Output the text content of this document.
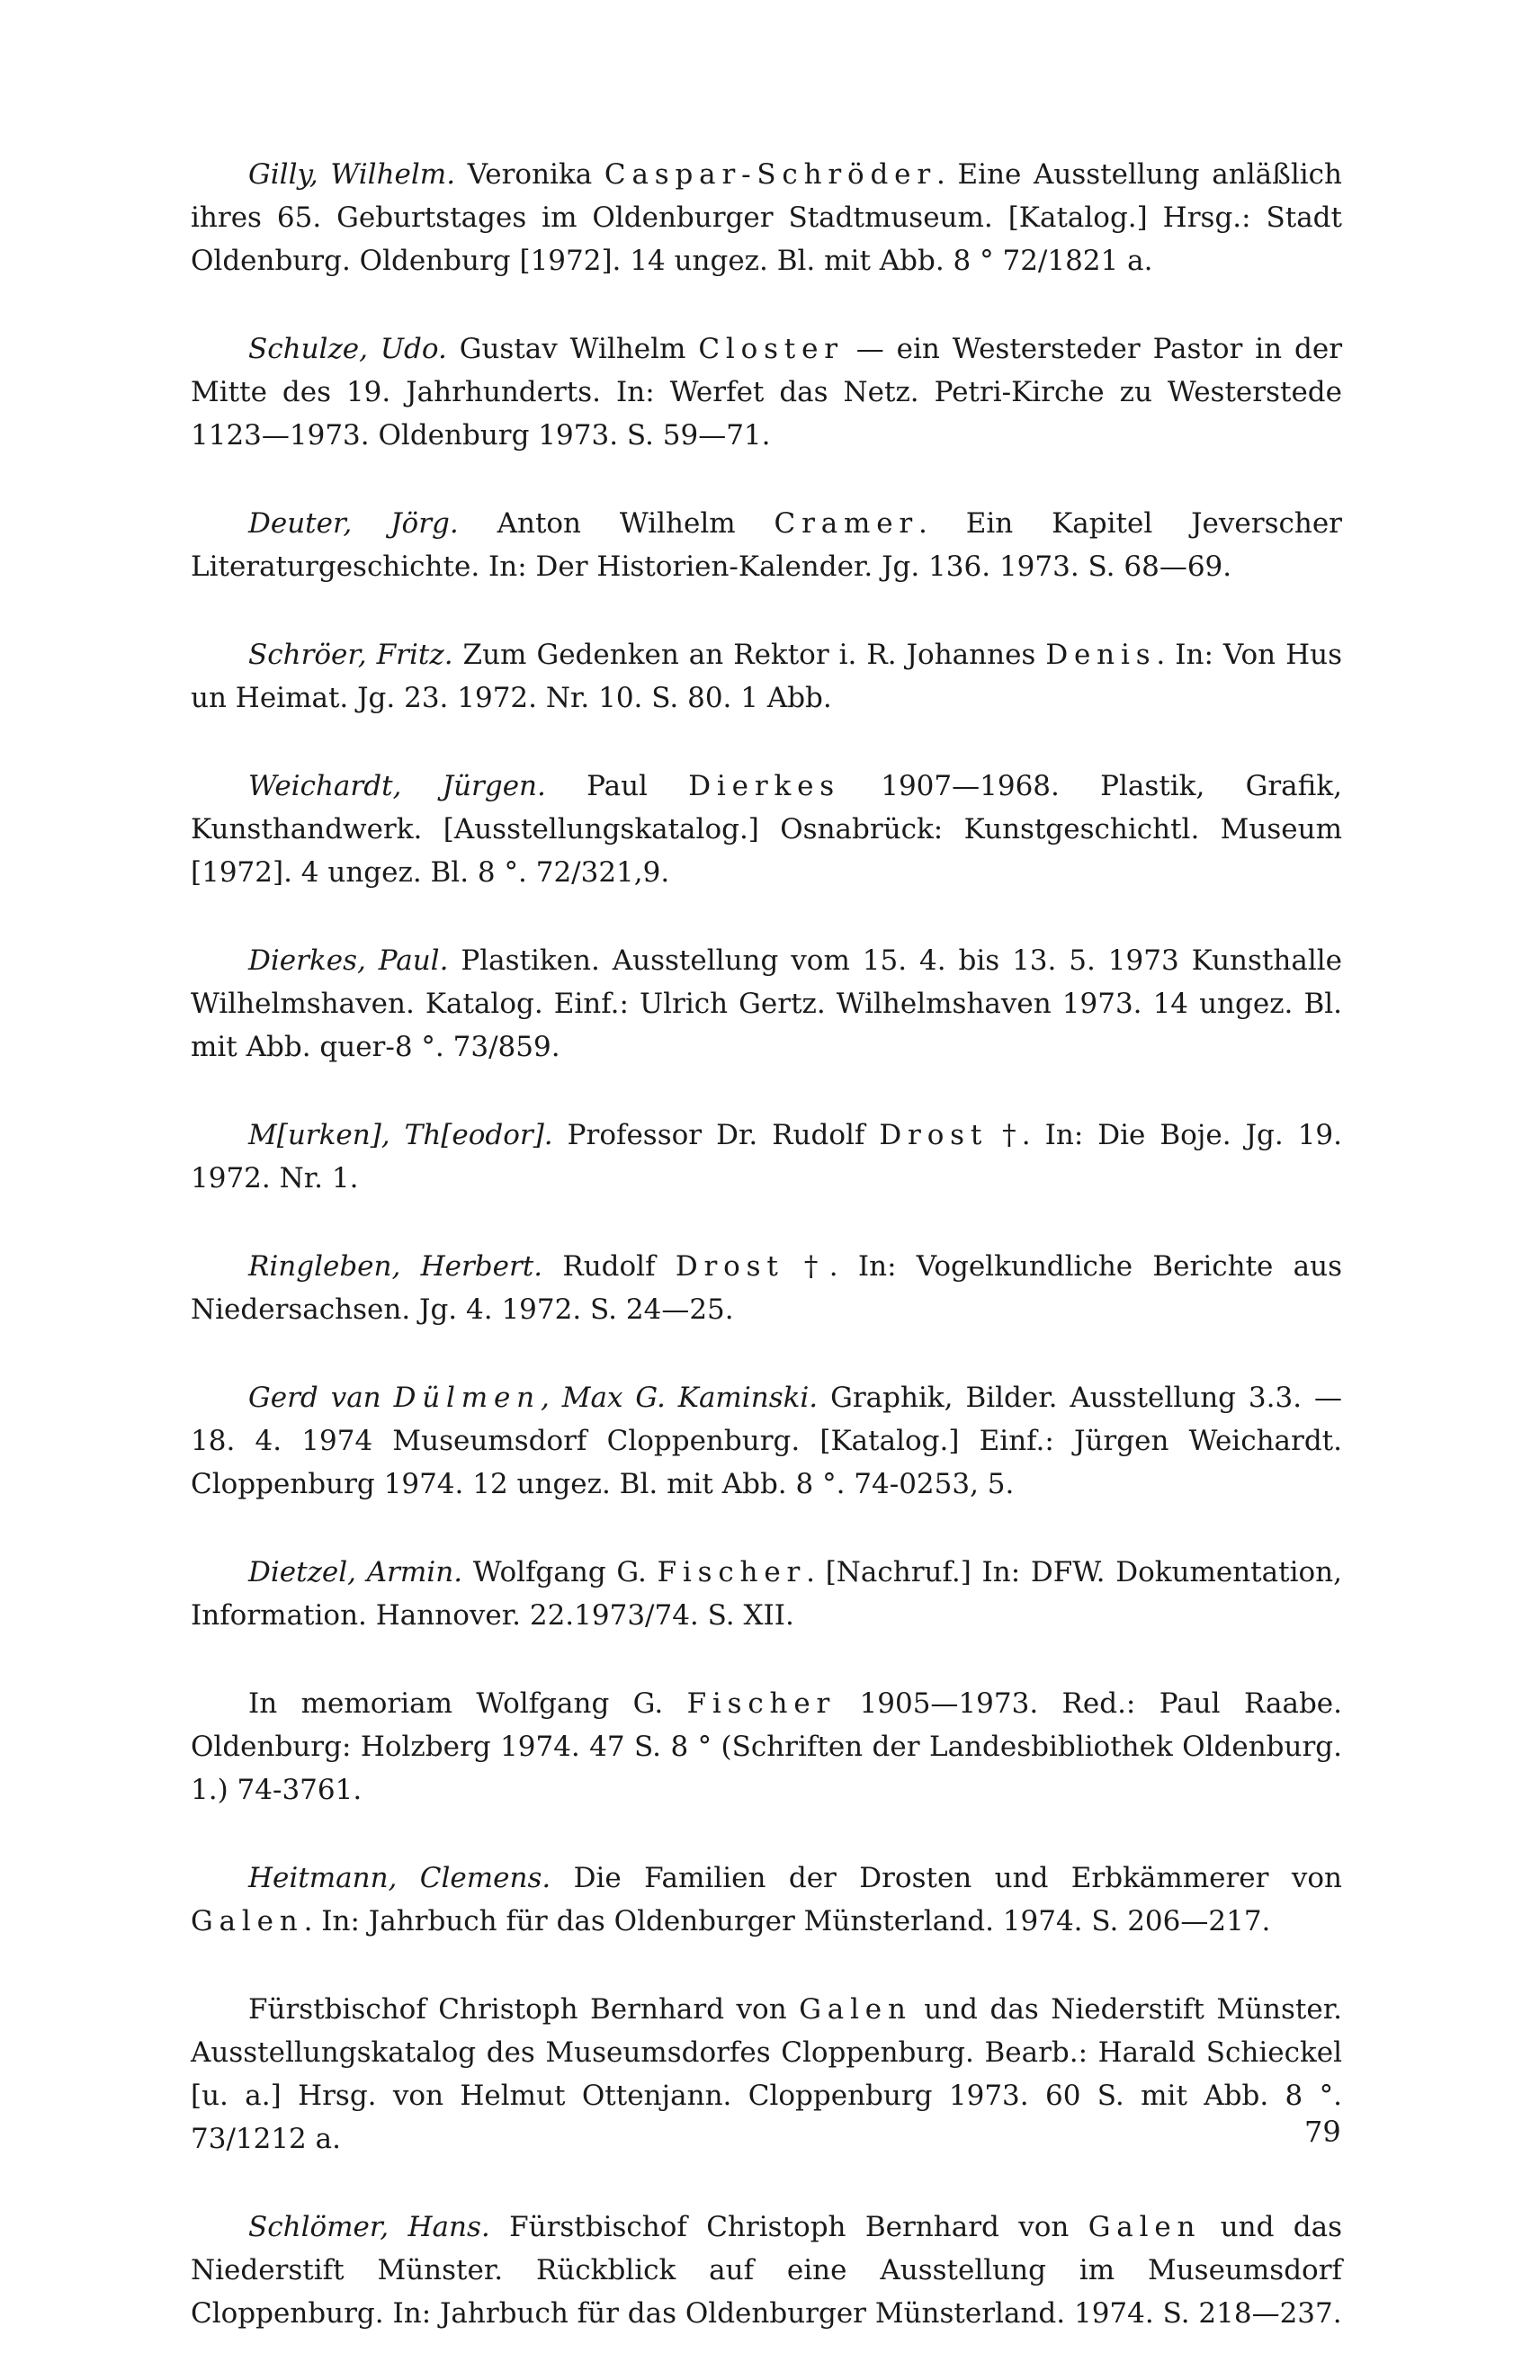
Gilly, Wilhelm. Veronika Caspar-Schröder. Eine Ausstellung anläßlich ihres 65. Geburtstages im Oldenburger Stadtmuseum. [Katalog.] Hrsg.: Stadt Oldenburg. Oldenburg [1972]. 14 ungez. Bl. mit Abb. 8 ° 72/1821 a.

Schulze, Udo. Gustav Wilhelm Closter — ein Westersteder Pastor in der Mitte des 19. Jahrhunderts. In: Werfet das Netz. Petri-Kirche zu Westerstede 1123—1973. Oldenburg 1973. S. 59—71.

Deuter, Jörg. Anton Wilhelm Cramer. Ein Kapitel Jeverscher Literaturgeschichte. In: Der Historien-Kalender. Jg. 136. 1973. S. 68—69.

Schröer, Fritz. Zum Gedenken an Rektor i. R. Johannes Denis. In: Von Hus un Heimat. Jg. 23. 1972. Nr. 10. S. 80. 1 Abb.

Weichardt, Jürgen. Paul Dierkes 1907—1968. Plastik, Grafik, Kunsthandwerk. [Ausstellungskatalog.] Osnabrück: Kunstgeschichtl. Museum [1972]. 4 ungez. Bl. 8 °. 72/321,9.

Dierkes, Paul. Plastiken. Ausstellung vom 15. 4. bis 13. 5. 1973 Kunsthalle Wilhelmshaven. Katalog. Einf.: Ulrich Gertz. Wilhelmshaven 1973. 14 ungez. Bl. mit Abb. quer-8 °. 73/859.

M[urken], Th[eodor]. Professor Dr. Rudolf Drost †. In: Die Boje. Jg. 19. 1972. Nr. 1.

Ringleben, Herbert. Rudolf Drost †. In: Vogelkundliche Berichte aus Niedersachsen. Jg. 4. 1972. S. 24—25.

Gerd van Dülmen, Max G. Kaminski. Graphik, Bilder. Ausstellung 3.3. — 18. 4. 1974 Museumsdorf Cloppenburg. [Katalog.] Einf.: Jürgen Weichardt. Cloppenburg 1974. 12 ungez. Bl. mit Abb. 8 °. 74-0253, 5.

Dietzel, Armin. Wolfgang G. Fischer. [Nachruf.] In: DFW. Dokumentation, Information. Hannover. 22.1973/74. S. XII.

In memoriam Wolfgang G. Fischer 1905—1973. Red.: Paul Raabe. Oldenburg: Holzberg 1974. 47 S. 8 ° (Schriften der Landesbibliothek Oldenburg. 1.) 74-3761.

Heitmann, Clemens. Die Familien der Drosten und Erbkämmerer von Galen. In: Jahrbuch für das Oldenburger Münsterland. 1974. S. 206—217.

Fürstbischof Christoph Bernhard von Galen und das Niederstift Münster. Ausstellungskatalog des Museumsdorfes Cloppenburg. Bearb.: Harald Schieckel [u. a.] Hrsg. von Helmut Ottenjann. Cloppenburg 1973. 60 S. mit Abb. 8 °. 73/1212 a.

Schlömer, Hans. Fürstbischof Christoph Bernhard von Galen und das Niederstift Münster. Rückblick auf eine Ausstellung im Museumsdorf Cloppenburg. In: Jahrbuch für das Oldenburger Münsterland. 1974. S. 218—237.

79
